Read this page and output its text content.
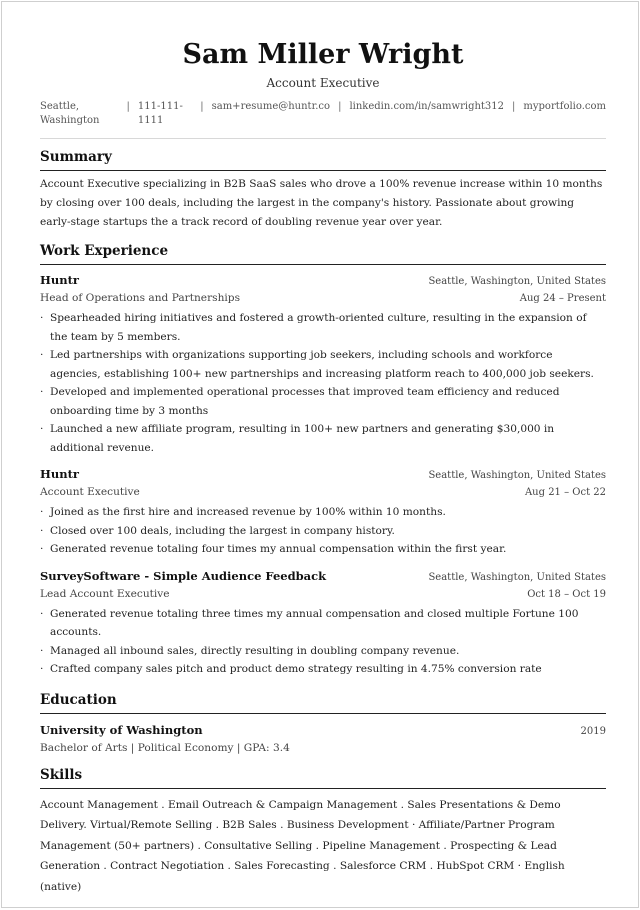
Sam Miller Wright
Account Executive
Seattle, Washington
| 111-111-1111
| sam+resume@huntr.co | linkedin.com/in/samwright312 | myportfolio.com
Summary
Account Executive specializing in B2B SaaS sales who drove a 100% revenue increase within 10 months by closing over 100 deals, including the largest in the company's history. Passionate about growing early-stage startups the a track record of doubling revenue year over year.
Work Experience
Huntr	Seattle, Washington, United States
Head of Operations and Partnerships	Aug 24 – Present
· Spearheaded hiring initiatives and fostered a growth-oriented culture, resulting in the expansion of the team by 5 members.
· Led partnerships with organizations supporting job seekers, including schools and workforce agencies, establishing 100+ new partnerships and increasing platform reach to 400,000 job seekers.
· Developed and implemented operational processes that improved team efficiency and reduced onboarding time by 3 months
· Launched a new affiliate program, resulting in 100+ new partners and generating $30,000 in additional revenue.
Huntr	Seattle, Washington, United States
Account Executive	Aug 21 – Oct 22
· Joined as the first hire and increased revenue by 100% within 10 months.
· Closed over 100 deals, including the largest in company history.
· Generated revenue totaling four times my annual compensation within the first year.
SurveySoftware - Simple Audience Feedback	Seattle, Washington, United States
Lead Account Executive	Oct 18 – Oct 19
· Generated revenue totaling three times my annual compensation and closed multiple Fortune 100 accounts.
· Managed all inbound sales, directly resulting in doubling company revenue.
· Crafted company sales pitch and product demo strategy resulting in 4.75% conversion rate
Education
University of Washington	2019
Bachelor of Arts | Political Economy | GPA: 3.4
Skills
Account Management . Email Outreach & Campaign Management . Sales Presentations & Demo Delivery. Virtual/Remote Selling . B2B Sales . Business Development · Affiliate/Partner Program Management (50+ partners) . Consultative Selling . Pipeline Management . Prospecting & Lead Generation . Contract Negotiation . Sales Forecasting . Salesforce CRM . HubSpot CRM · English (native)
